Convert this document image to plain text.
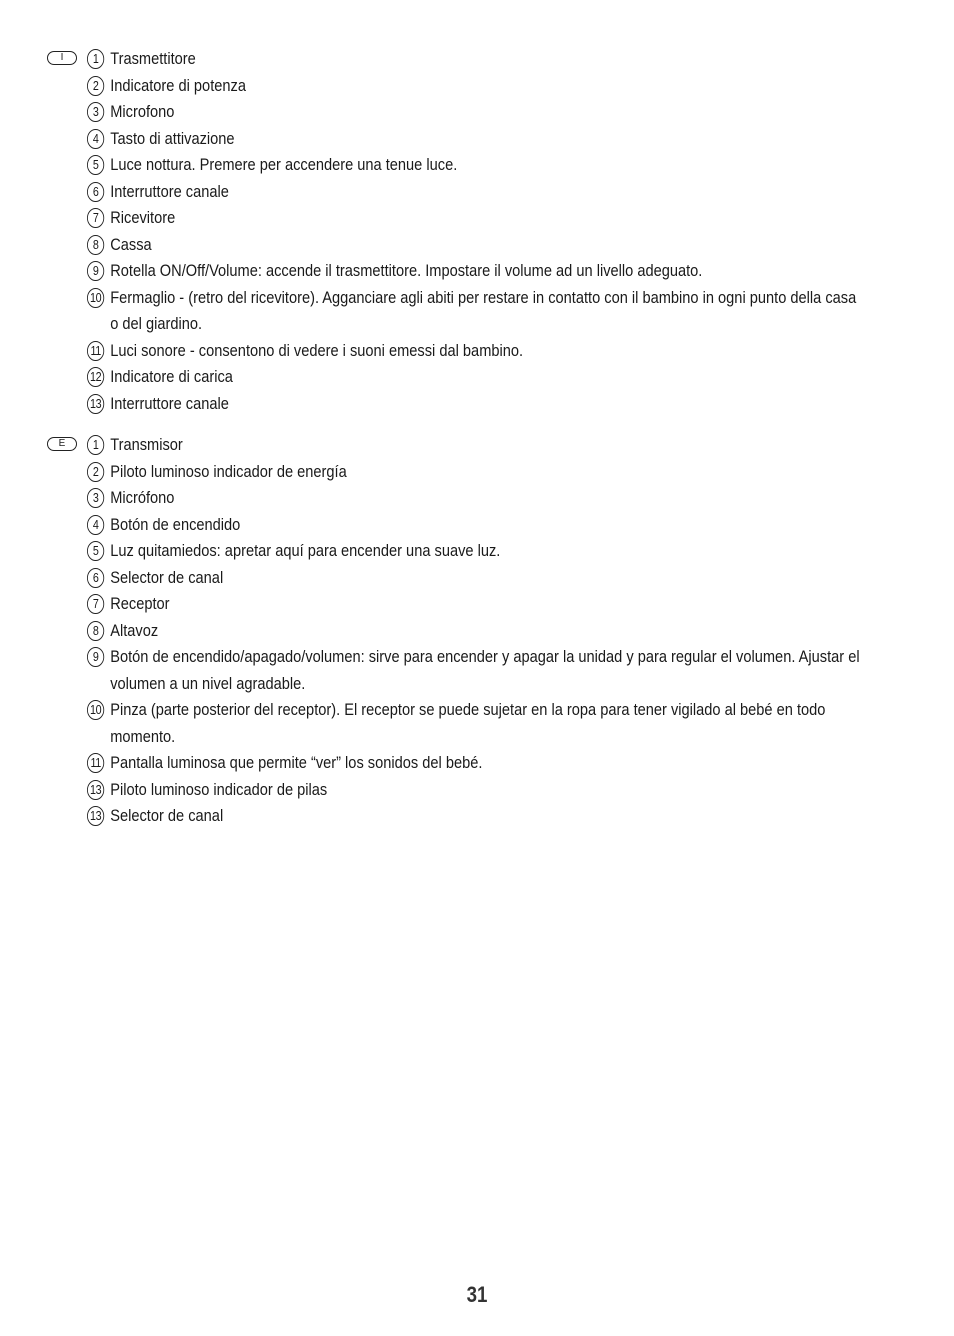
I	1 Trasmettitore
2 Indicatore di potenza
3 Microfono
4 Tasto di attivazione
5 Luce nottura. Premere per accendere una tenue luce.
6 Interruttore canale
7 Ricevitore
8 Cassa
9 Rotella ON/Off/Volume: accende il trasmettitore. Impostare il volume ad un livello adeguato.
10 Fermaglio - (retro del ricevitore). Agganciare agli abiti per restare in contatto con il bambino in ogni punto della casa o del giardino.
11 Luci sonore - consentono di vedere i suoni emessi dal bambino.
12 Indicatore di carica
13 Interruttore canale
E	1 Transmisor
2 Piloto luminoso indicador de energía
3 Micrófono
4 Botón de encendido
5 Luz quitamiedos: apretar aquí para encender una suave luz.
6 Selector de canal
7 Receptor
8 Altavoz
9 Botón de encendido/apagado/volumen: sirve para encender y apagar la unidad y para regular el volumen. Ajustar el volumen a un nivel agradable.
10 Pinza (parte posterior del receptor). El receptor se puede sujetar en la ropa para tener vigilado al bebé en todo momento.
11 Pantalla luminosa que permite “ver” los sonidos del bebé.
13 Piloto luminoso indicador de pilas
13 Selector de canal
31
